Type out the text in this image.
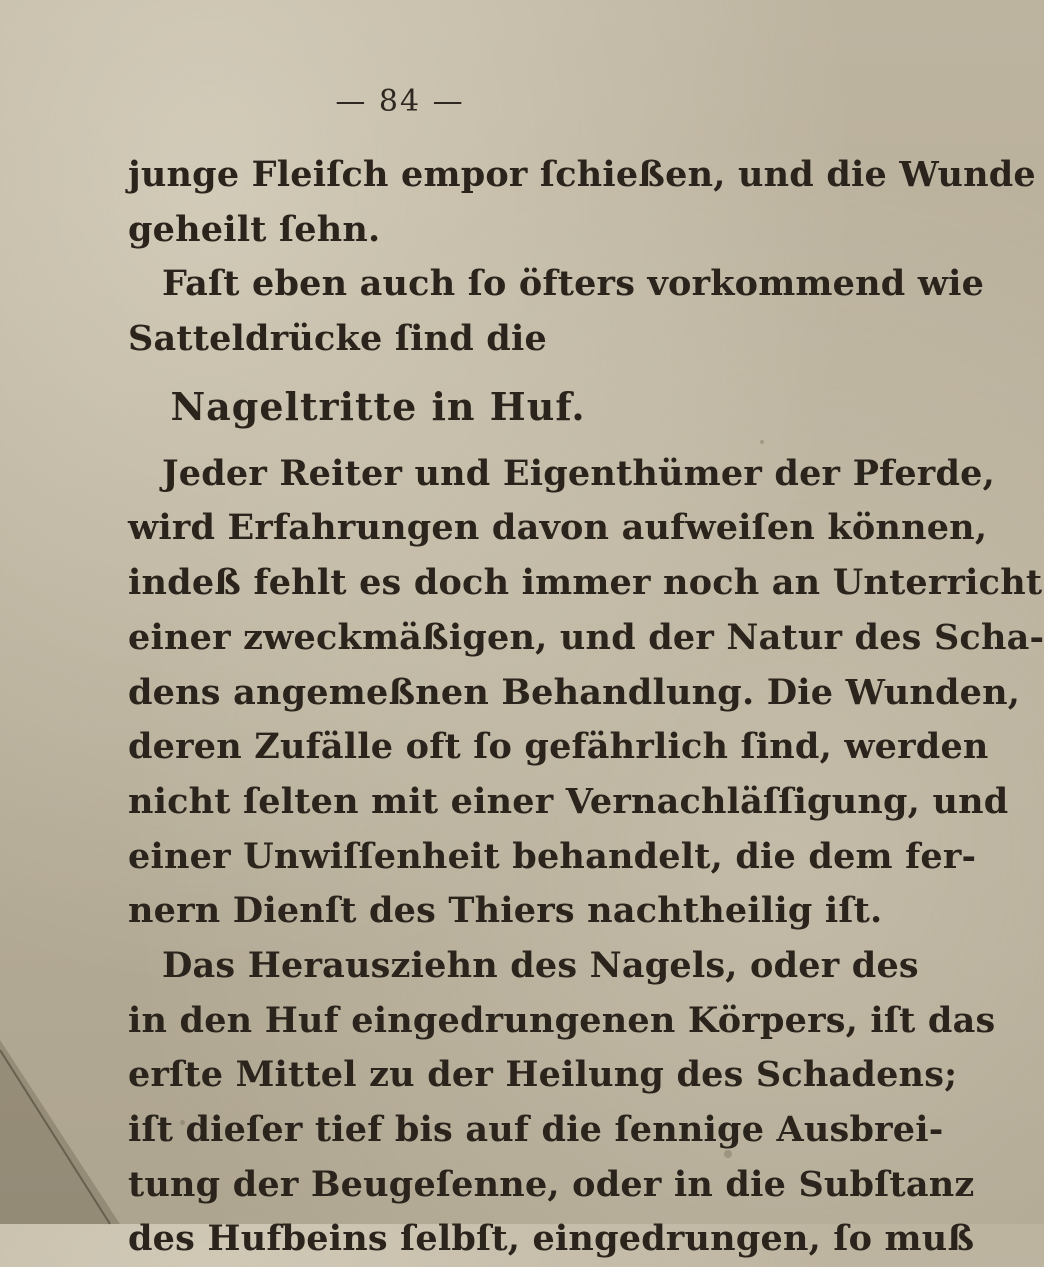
— 84 —
junge Fleiſch empor ſchießen, und die Wunde
geheilt ſehn.
Faſt eben auch ſo öfters vorkommend wie
Satteldrücke ſind die
Nageltritte in Huf.
Jeder Reiter und Eigenthümer der Pferde,
wird Erfahrungen davon aufweiſen können,
indeß fehlt es doch immer noch an Unterricht
einer zweckmäßigen, und der Natur des Scha-
dens angemeßnen Behandlung. Die Wunden,
deren Zufälle oft ſo gefährlich ſind, werden
nicht ſelten mit einer Vernachläſſigung, und
einer Unwiſſenheit behandelt, die dem fer-
nern Dienſt des Thiers nachtheilig iſt.
Das Herausziehn des Nagels, oder des
in den Huf eingedrungenen Körpers, iſt das
erſte Mittel zu der Heilung des Schadens;
iſt dieſer tief bis auf die ſennige Ausbrei-
tung der Beugeſenne, oder in die Subſtanz
des Hufbeins ſelbſt, eingedrungen, ſo muß
